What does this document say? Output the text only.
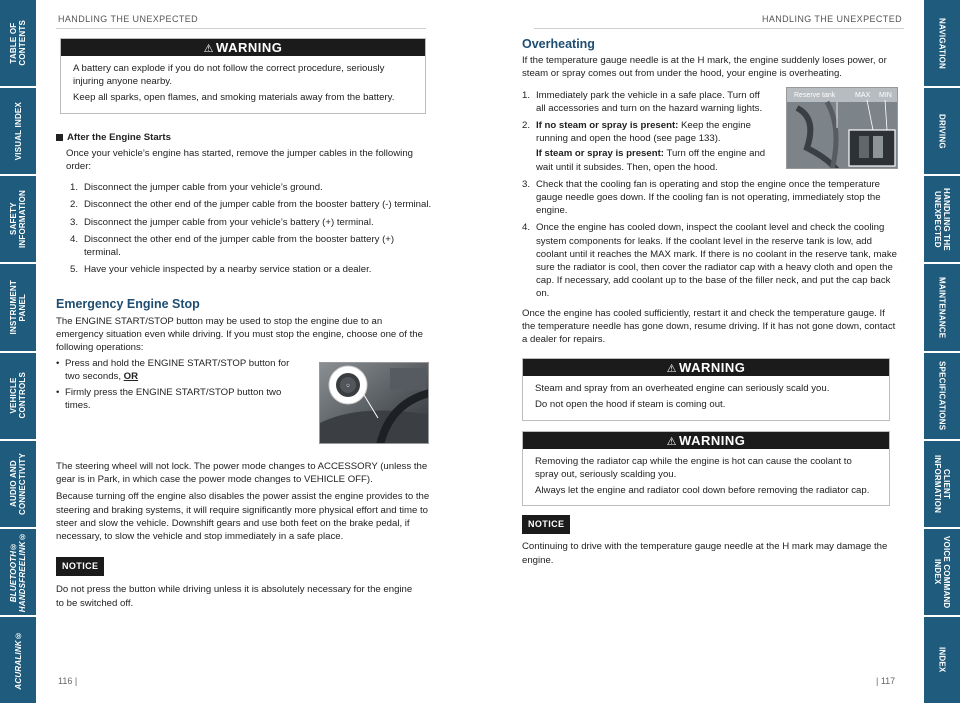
TABLE OF
CONTENTS
VISUAL INDEX
SAFETY
INFORMATION
INSTRUMENT
PANEL
VEHICLE
CONTROLS
AUDIO AND
CONNECTIVITY
BLUETOOTH®
HANDSFREELINK®
ACURALINK®
NAVIGATION
DRIVING
HANDLING THE
UNEXPECTED
MAINTENANCE
SPECIFICATIONS
CLIENT
INFORMATION
VOICE COMMAND
INDEX
INDEX
HANDLING THE UNEXPECTED	HANDLING THE UNEXPECTED
⚠ WARNING

A battery can explode if you do not follow the correct procedure, seriously injuring anyone nearby.

Keep all sparks, open flames, and smoking materials away from the battery.

After the Engine Starts

Once your vehicle’s engine has started, remove the jumper cables in the following order:

1. Disconnect the jumper cable from your vehicle’s ground.
2. Disconnect the other end of the jumper cable from the booster battery (-) terminal.
3. Disconnect the jumper cable from your vehicle’s battery (+) terminal.
4. Disconnect the other end of the jumper cable from the booster battery (+) terminal.
5. Have your vehicle inspected by a nearby service station or a dealer.
Emergency Engine Stop

The ENGINE START/STOP button may be used to stop the engine due to an emergency situation even while driving. If you must stop the engine, choose one of the following operations:

• Press and hold the ENGINE START/STOP button for two seconds, OR
• Firmly press the ENGINE START/STOP button two times.
⏻

The steering wheel will not lock. The power mode changes to ACCESSORY (unless the gear is in Park, in which case the power mode changes to VEHICLE OFF).

Because turning off the engine also disables the power assist the engine provides to the steering and braking systems, it will require significantly more physical effort and time to steer and slow the vehicle. Downshift gears and use both feet on the brake pedal, if necessary, to slow the vehicle and stop immediately in a safe place.

NOTICE

Do not press the button while driving unless it is absolutely necessary for the engine to be switched off.

Overheating

If the temperature gauge needle is at the H mark, the engine suddenly loses power, or steam or spray comes out from under the hood, your engine is overheating.

Reserve tank	MAX MIN
1. Immediately park the vehicle in a safe place. Turn off all accessories and turn on the hazard warning lights.
2. If no steam or spray is present: Keep the engine running and open the hood (see page 133).
If steam or spray is present: Turn off the engine and wait until it subsides. Then, open the hood.
3. Check that the cooling fan is operating and stop the engine once the temperature gauge needle goes down. If the cooling fan is not operating, immediately stop the engine.
4. Once the engine has cooled down, inspect the coolant level and check the cooling system components for leaks. If the coolant level in the reserve tank is low, add coolant until it reaches the MAX mark. If there is no coolant in the reserve tank, make sure the radiator is cool, then cover the radiator cap with a heavy cloth and open the cap. If necessary, add coolant up to the base of the filler neck, and put the cap back on.

Once the engine has cooled sufficiently, restart it and check the temperature gauge. If the temperature needle has gone down, resume driving. If it has not gone down, contact a dealer for repairs.

⚠ WARNING

Steam and spray from an overheated engine can seriously scald you.

Do not open the hood if steam is coming out.

⚠ WARNING

Removing the radiator cap while the engine is hot can cause the coolant to spray out, seriously scalding you.

Always let the engine and radiator cool down before removing the radiator cap.

NOTICE

Continuing to drive with the temperature gauge needle at the H mark may damage the engine.

116 |	| 117
